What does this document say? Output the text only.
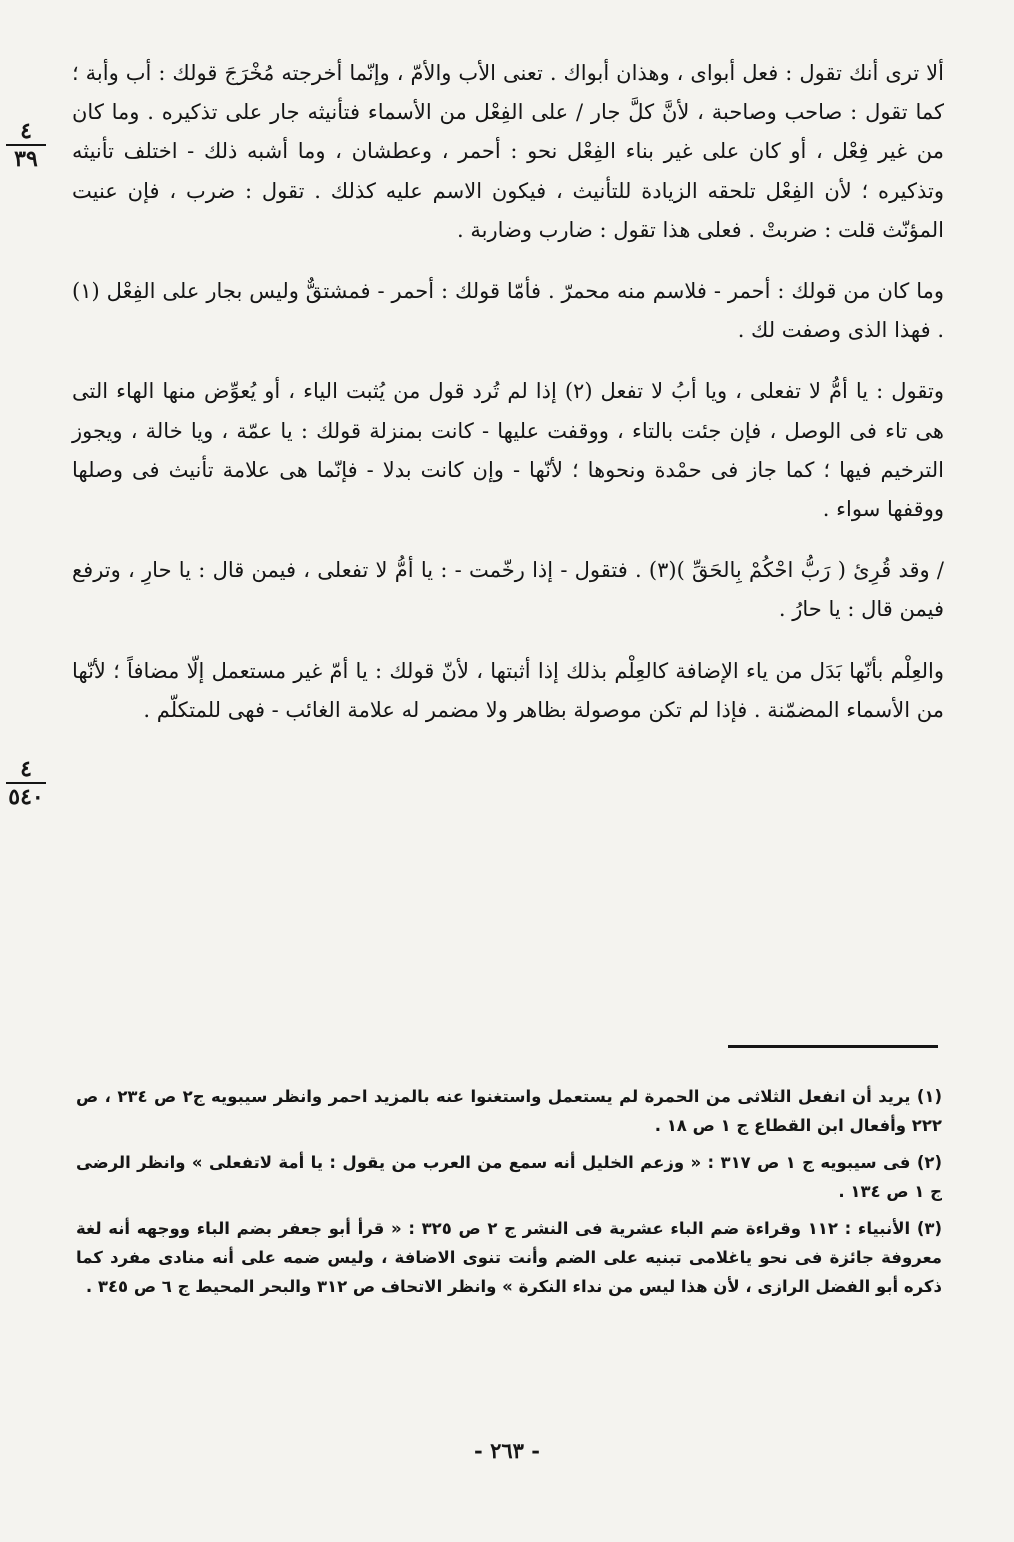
٤
٣٩
٤
٥٤٠

ألا ترى أنك تقول : فعل أبواى ، وهذان أبواك . تعنى الأب والأمّ ، وإنّما أخرجته مُخْرَجَ قولك : أب وأبة ؛ كما تقول : صاحب وصاحبة ، لأنَّ كلَّ جار / على الفِعْل من الأسماء فتأنيثه جار على تذكيره . وما كان من غير فِعْل ، أو كان على غير بناء الفِعْل نحو : أحمر ، وعطشان ، وما أشبه ذلك - اختلف تأنيثه وتذكيره ؛ لأن الفِعْل تلحقه الزيادة للتأنيث ، فيكون الاسم عليه كذلك . تقول : ضرب ، فإن عنيت المؤنّث قلت : ضربتْ . فعلى هذا تقول : ضارب وضاربة .

وما كان من قولك : أحمر - فلاسم منه محمرّ . فأمّا قولك : أحمر - فمشتقٌّ وليس بجار على الفِعْل (١) . فهذا الذى وصفت لك .

وتقول : يا أمُّ لا تفعلى ، ويا أبُ لا تفعل (٢) إذا لم تُرد قول من يُثبت الياء ، أو يُعوِّض منها الهاء التى هى تاء فى الوصل ، فإن جئت بالتاء ، ووقفت عليها - كانت بمنزلة قولك : يا عمّة ، ويا خالة ، ويجوز الترخيم فيها ؛ كما جاز فى حمْدة ونحوها ؛ لأنّها - وإن كانت بدلا - فإنّما هى علامة تأنيث فى وصلها ووقفها سواء .

/ وقد قُرِئ ( رَبُّ احْكُمْ بِالحَقِّ )(٣) . فتقول - إذا رخّمت - : يا أمُّ لا تفعلى ، فيمن قال : يا حارِ ، وترفع فيمن قال : يا حارُ .

والعِلْم بأنّها بَدَل من ياء الإضافة كالعِلْم بذلك إذا أثبتها ، لأنّ قولك : يا أمّ غير مستعمل إلّا مضافاً ؛ لأنّها من الأسماء المضمّنة . فإذا لم تكن موصولة بظاهر ولا مضمر له علامة الغائب - فهى للمتكلّم .

(١) يريد أن انفعل الثلاثى من الحمرة لم يستعمل واستغنوا عنه بالمزيد احمر وانظر سيبويه ج٢ ص ٢٣٤ ، ص ٢٢٢ وأفعال ابن القطاع ج ١ ص ١٨ .

(٢) فى سيبويه ج ١ ص ٣١٧ : « وزعم الخليل أنه سمع من العرب من يقول : يا أمة لاتفعلى » وانظر الرضى ج ١ ص ١٣٤ .

(٣) الأنبياء : ١١٢ وقراءة ضم الباء عشرية فى النشر ج ٢ ص ٣٢٥ : « قرأ أبو جعفر بضم الباء ووجهه أنه لغة معروفة جائزة فى نحو ياغلامى تبنيه على الضم وأنت تنوى الاضافة ، وليس ضمه على أنه منادى مفرد كما ذكره أبو الفضل الرازى ، لأن هذا ليس من نداء النكرة » وانظر الاتحاف ص ٣١٢ والبحر المحيط ج ٦ ص ٣٤٥ .

- ٢٦٣ -
